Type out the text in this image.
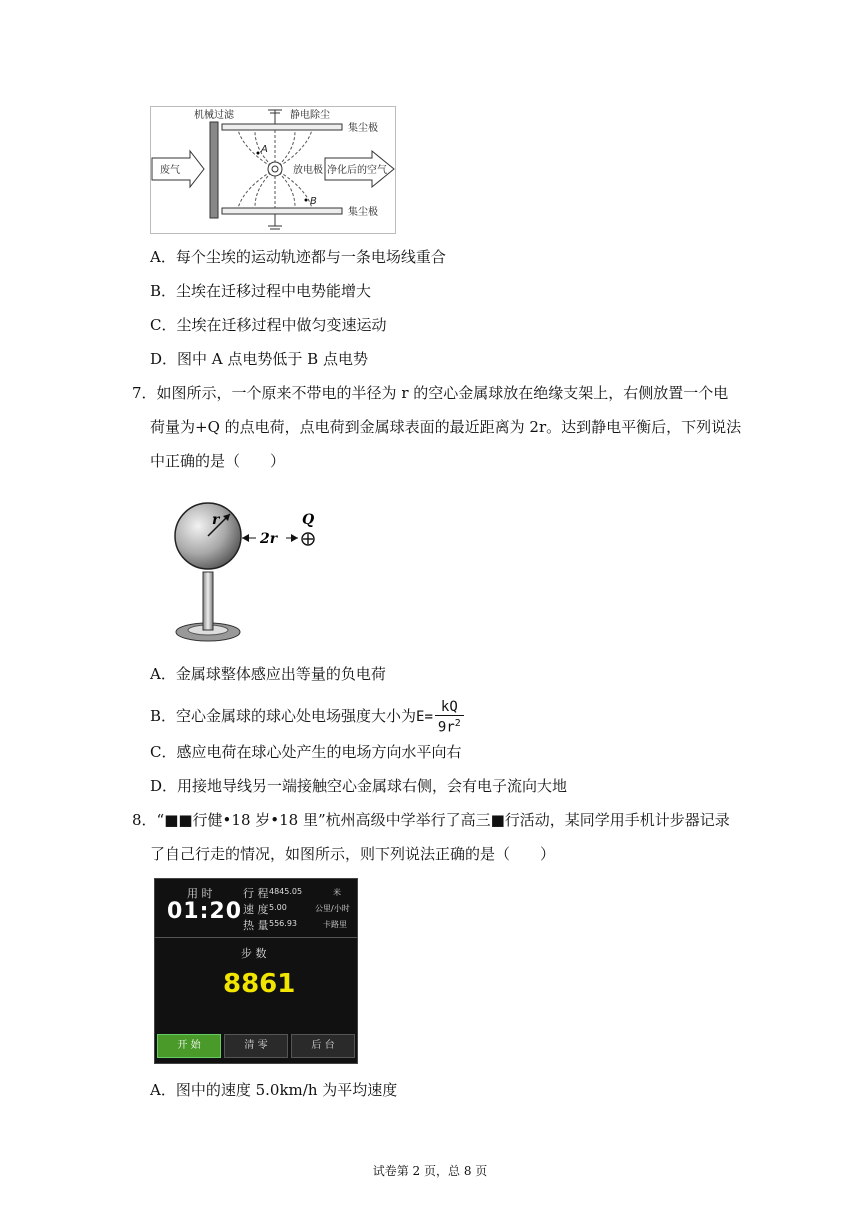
机械过滤	静电除尘
集尘极
集尘极
A
B
废气	放电极 净化后的空气
A．每个尘埃的运动轨迹都与一条电场线重合
B．尘埃在迁移过程中电势能增大
C．尘埃在迁移过程中做匀变速运动
D．图中 A 点电势低于 B 点电势
7．如图所示，一个原来不带电的半径为 r 的空心金属球放在绝缘支架上，右侧放置一个电
荷量为+Q 的点电荷，点电荷到金属球表面的最近距离为 2r。达到静电平衡后，下列说法
中正确的是（　　）
r
2r
Q
A．金属球整体感应出等量的负电荷
B．空心金属球的球心处电场强度大小为$E= \frac{kQ}{9r^2}$
C．感应电荷在球心处产生的电场方向水平向右
D．用接地导线另一端接触空心金属球右侧，会有电子流向大地
8．“■■行健•18 岁•18 里”杭州高级中学举行了高三■行活动，某同学用手机计步器记录
了自己行走的情况，如图所示，则下列说法正确的是（　　）
用 时
01:20
行 程 4845.05	米
速 度 5.00	公里/小时
热 量 556.93	卡路里
步 数
8861
开 始	清 零	后 台
A．图中的速度 5.0km/h 为平均速度
试卷第 2 页，总 8 页
